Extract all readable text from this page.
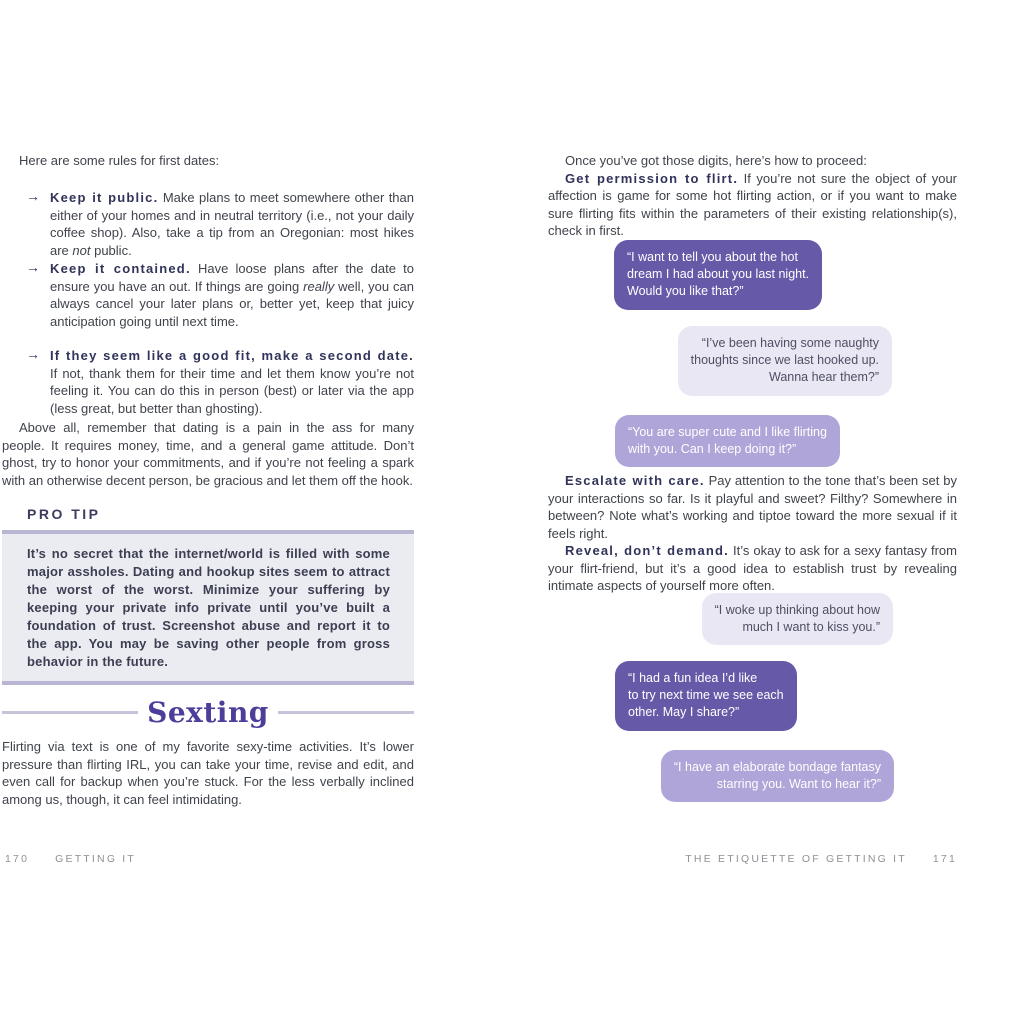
Here are some rules for first dates:

→ Keep it public. Make plans to meet somewhere other than either of your homes and in neutral territory (i.e., not your daily coffee shop). Also, take a tip from an Oregonian: most hikes are not public.

→ Keep it contained. Have loose plans after the date to ensure you have an out. If things are going really well, you can always cancel your later plans or, better yet, keep that juicy anticipation going until next time.

→ If they seem like a good fit, make a second date. If not, thank them for their time and let them know you’re not feeling it. You can do this in person (best) or later via the app (less great, but better than ghosting).

Above all, remember that dating is a pain in the ass for many people. It requires money, time, and a general game attitude. Don’t ghost, try to honor your commitments, and if you’re not feeling a spark with an otherwise decent person, be gracious and let them off the hook.

PRO TIP

It’s no secret that the internet/world is filled with some major assholes. Dating and hookup sites seem to attract the worst of the worst. Minimize your suffering by keeping your private info private until you’ve built a foundation of trust. Screenshot abuse and report it to the app. You may be saving other people from gross behavior in the future.

Sexting

Flirting via text is one of my favorite sexy-time activities. It’s lower pressure than flirting IRL, you can take your time, revise and edit, and even call for backup when you’re stuck. For the less verbally inclined among us, though, it can feel intimidating.

170 GETTING IT

Once you’ve got those digits, here’s how to proceed:

Get permission to flirt. If you’re not sure the object of your affection is game for some hot flirting action, or if you want to make sure flirting fits within the parameters of their existing relationship(s), check in first.

“I want to tell you about the hot
dream I had about you last night.
Would you like that?”
“I’ve been having some naughty
thoughts since we last hooked up.
Wanna hear them?”
“You are super cute and I like flirting
with you. Can I keep doing it?”

Escalate with care. Pay attention to the tone that’s been set by your interactions so far. Is it playful and sweet? Filthy? Somewhere in between? Note what’s working and tiptoe toward the more sexual if it feels right.

Reveal, don’t demand. It’s okay to ask for a sexy fantasy from your flirt-friend, but it’s a good idea to establish trust by revealing intimate aspects of yourself more often.

“I woke up thinking about how
much I want to kiss you.”
“I had a fun idea I’d like
to try next time we see each
other. May I share?”
“I have an elaborate bondage fantasy
starring you. Want to hear it?”
THE ETIQUETTE OF GETTING IT 171
